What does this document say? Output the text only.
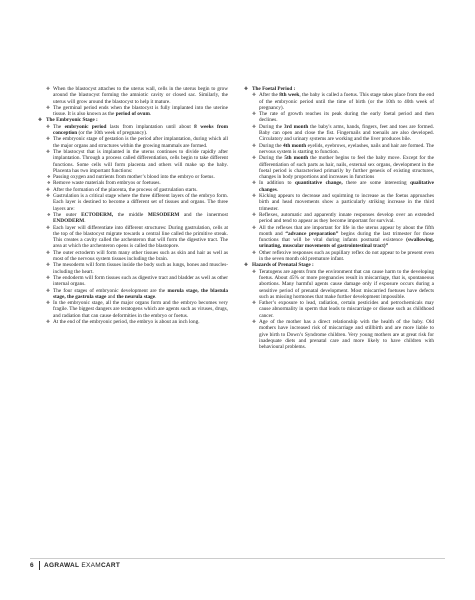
❖ When the blastocyst attaches to the uterus wall, cells in the uterus begin to grow around the blastocyst forming the amniotic cavity or closed sac. Similarly, the uterus will grow around the blastocyst to help it mature.

❖ The germinal period ends when the blastocyst is fully implanted into the uterine tissue. It is also known as the period of ovum.

❖ The Embryonic Stage :

❖ The embryonic period lasts from implantation until about 8 weeks from conception (or the 10th week of pregnancy).

❖ The embryonic stage of gestation is the period after implantation, during which all the major organs and structures within the growing mammals are formed.

❖ The blastocyst that is implanted in the uterus continues to divide rapidly after implantation. Through a process called differentiation, cells begin to take different functions. Some cells will form placenta and others will make up the baby. Placenta has two important functions:

❖ Passing oxygen and nutrients from mother’s blood into the embryo or foetus.

❖ Remove waste materials from embryos or foetuses.

❖ After the formation of the placenta, the process of gastrulation starts.

❖ Gastrulation is a critical stage where the three different layers of the embryo form. Each layer is destined to become a different set of tissues and organs. The three layers are:

❖ The outer ECTODERM, the middle MESODERM and the innermost ENDODERM.

❖ Each layer will differentiate into different structures: During gastrulation, cells at the top of the blastocyst migrate towards a central line called the primitive streak. This creates a cavity called the archenteron that will form the digestive tract. The area at which the archenteron opens is called the blastopore.

❖ The outer ectoderm will form many other tissues such as skin and hair as well as most of the nervous system tissues including the brain.

❖ The mesoderm will form tissues inside the body such as lungs, bones and muscles-including the heart.

❖ The endoderm will form tissues such as digestive tract and bladder as well as other internal organs.

❖ The four stages of embryonic development are the morula stage, the blastula stage, the gastrula stage and the neurula stage.

❖ In the embryonic stage, all the major organs form and the embryo becomes very fragile. The biggest dangers are teratogens which are agents such as viruses, drugs, and radiation that can cause deformities in the embryo or foetus.

❖ At the end of the embryonic period, the embryo is about an inch long.

❖ The Foetal Period :

❖ After the 8th week, the baby is called a foetus. This stage takes place from the end of the embryonic period until the time of birth (or the 10th to 40th week of pregnancy).

❖ The rate of growth reaches its peak during the early foetal period and then declines.

❖ During the 3rd month the baby's arms, hands, fingers, feet and toes are formed. Baby can open and close the fist. Fingernails and toenails are also developed. Circulatory and urinary systems are working and the liver produces bile.

❖ During the 4th month eyelids, eyebrows, eyelashes, nails and hair are formed. The nervous system is starting to function.

❖ During the 5th month the mother begins to feel the baby move. Except for the differentiation of such parts as hair, nails, external sex organs, development in the foetal period is characterised primarily by further genesis of existing structures, changes in body proportions and increases in functions

❖ In addition to quantitative change, there are some interesting qualitative changes.

❖ Kicking appears to decrease and squirming to increase as the foetus approaches birth and head movements show a particularly striking increase in the third trimester.

❖ Reflexes, automatic and apparently innate responses develop over an extended period and tend to appear as they become important for survival.

❖ All the reflexes that are important for life in the uterus appear by about the fifth month and “advance preparation” begins during the last trimester for those functions that will be vital during infants postnatal existence (swallowing, urinating, muscular movements of gastrointestinal tract)”

❖ Other reflexive responses such as pupillary reflex do not appear to be present even in the seven month old premature infant.

❖ Hazards of Prenatal Stage :

❖ Teratogens are agents from the environment that can cause harm to the developing foetus. About 45% or more pregnancies result in miscarriage, that is, spontaneous abortions. Many harmful agents cause damage only if exposure occurs during a sensitive period of prenatal development. Most miscarried foetuses have defects such as missing hormones that make further development impossible.

❖ Father’s exposure to lead, radiation, certain pesticides and petrochemicals may cause abnormality in sperm that leads to miscarriage or disease such as childhood cancer.

❖ Age of the mother has a direct relationship with the health of the baby. Old mothers have increased risk of miscarriage and stillbirth and are more liable to give birth to Down’s Syndrome children. Very young mothers are at great risk for inadequate diets and prenatal care and more likely to have children with behavioural problems.

6 AGRAWAL EXAMCART
